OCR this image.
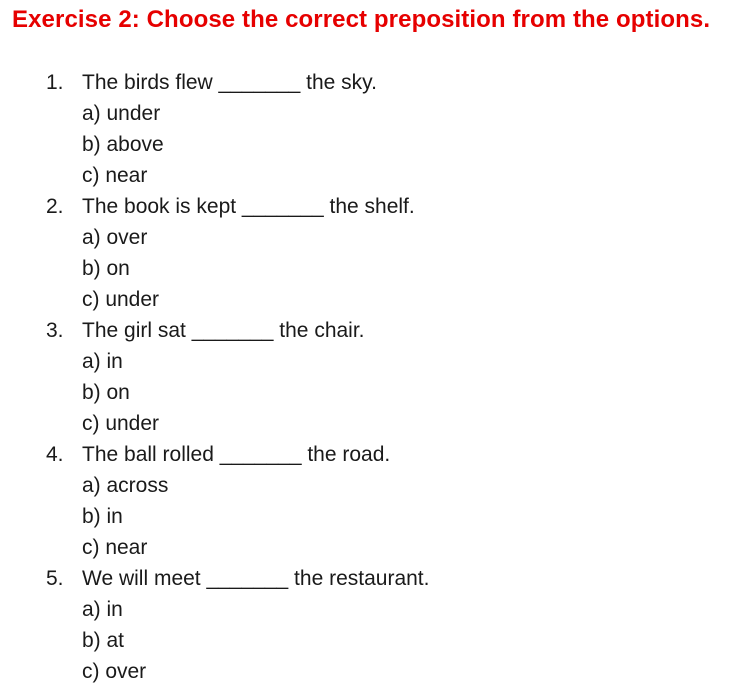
Exercise 2: Choose the correct preposition from the options.
1. The birds flew _______ the sky.
a) under
b) above
c) near
2. The book is kept _______ the shelf.
a) over
b) on
c) under
3. The girl sat _______ the chair.
a) in
b) on
c) under
4. The ball rolled _______ the road.
a) across
b) in
c) near
5. We will meet _______ the restaurant.
a) in
b) at
c) over
